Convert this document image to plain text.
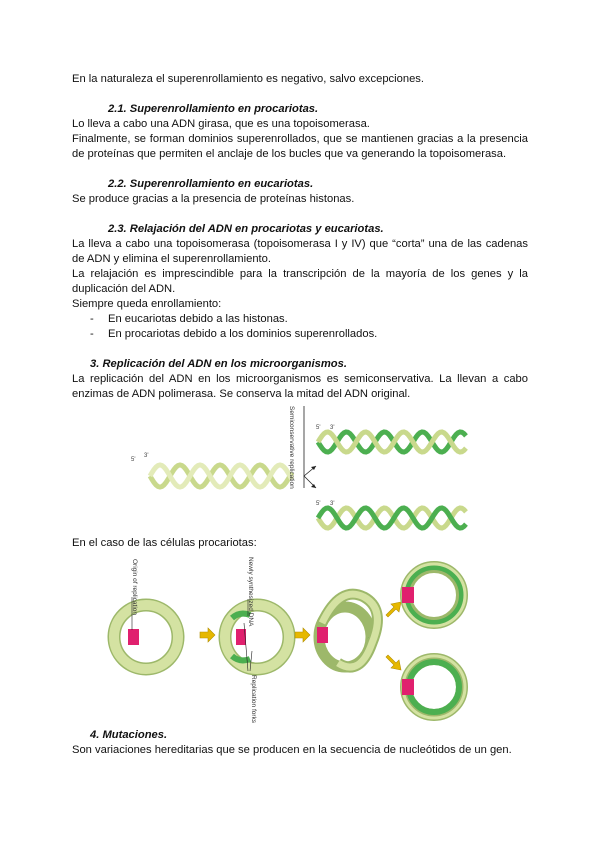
En la naturaleza el superenrollamiento es negativo, salvo excepciones.

2.1. Superenrollamiento en procariotas.

Lo lleva a cabo una ADN girasa, que es una topoisomerasa.

Finalmente, se forman dominios superenrollados, que se mantienen gracias a la presencia de proteínas que permiten el anclaje de los bucles que va generando la topoisomerasa.

2.2. Superenrollamiento en eucariotas.

Se produce gracias a la presencia de proteínas histonas.

2.3. Relajación del ADN en procariotas y eucariotas.

La lleva a cabo una topoisomerasa (topoisomerasa I y IV) que “corta” una de las cadenas de ADN y elimina el superenrollamiento.

La relajación es imprescindible para la transcripción de la mayoría de los genes y la duplicación del ADN.

Siempre queda enrollamiento:

- En eucariotas debido a las histonas.
- En procariotas debido a los dominios superenrollados.

3. Replicación del ADN en los microorganismos.

La replicación del ADN en los microorganismos es semiconservativa. La llevan a cabo enzimas de ADN polimerasa. Se conserva la mitad del ADN original.

5'
3'	Semiconservative replication	5' 3'
5' 3'

En el caso de las células procariotas:

Origin of replication	Newly synthesized DNA
Replication forks

4. Mutaciones.

Son variaciones hereditarias que se producen en la secuencia de nucleótidos de un gen.
